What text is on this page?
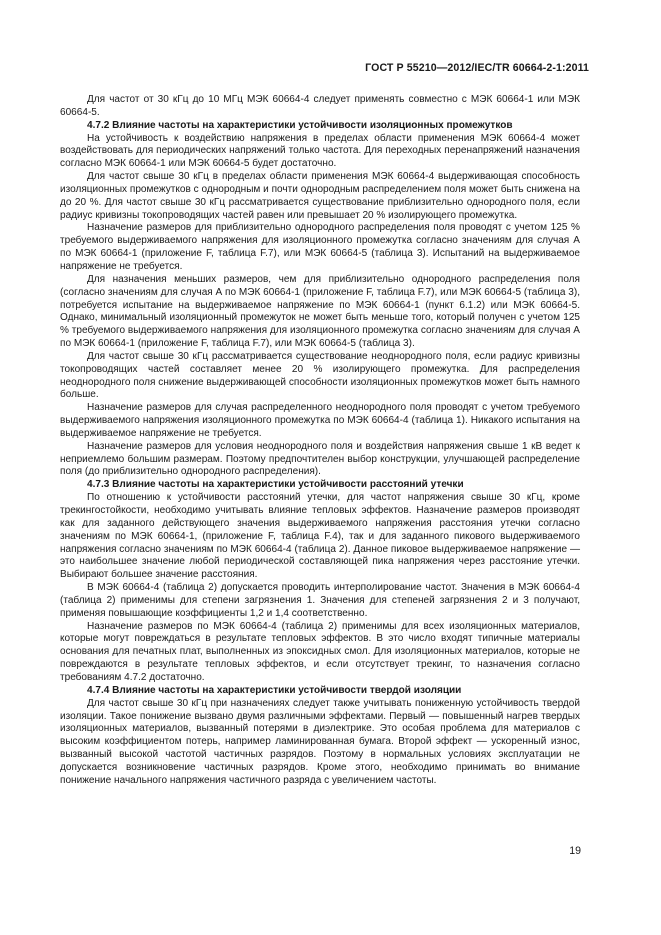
ГОСТ Р 55210—2012/IEC/TR 60664-2-1:2011

Для частот от 30 кГц до 10 МГц МЭК 60664-4 следует применять совместно с МЭК 60664-1 или МЭК 60664-5.

4.7.2 Влияние частоты на характеристики устойчивости изоляционных промежутков

На устойчивость к воздействию напряжения в пределах области применения МЭК 60664-4 может воздействовать для периодических напряжений только частота. Для переходных перенапряжений назначения согласно МЭК 60664-1 или МЭК 60664-5 будет достаточно.

Для частот свыше 30 кГц в пределах области применения МЭК 60664-4 выдерживающая способность изоляционных промежутков с однородным и почти однородным распределением поля может быть снижена на до 20 %. Для частот свыше 30 кГц рассматривается существование приблизительно однородного поля, если радиус кривизны токопроводящих частей равен или превышает 20 % изолирующего промежутка.

Назначение размеров для приблизительно однородного распределения поля проводят с учетом 125 % требуемого выдерживаемого напряжения для изоляционного промежутка согласно значениям для случая А по МЭК 60664-1 (приложение F, таблица F.7), или МЭК 60664-5 (таблица 3). Испытаний на выдерживаемое напряжение не требуется.

Для назначения меньших размеров, чем для приблизительно однородного распределения поля (согласно значениям для случая А по МЭК 60664-1 (приложение F, таблица F.7), или МЭК 60664-5 (таблица 3), потребуется испытание на выдерживаемое напряжение по МЭК 60664-1 (пункт 6.1.2) или МЭК 60664-5. Однако, минимальный изоляционный промежуток не может быть меньше того, который получен с учетом 125 % требуемого выдерживаемого напряжения для изоляционного промежутка согласно значениям для случая А по МЭК 60664-1 (приложение F, таблица F.7), или МЭК 60664-5 (таблица 3).

Для частот свыше 30 кГц рассматривается существование неоднородного поля, если радиус кривизны токопроводящих частей составляет менее 20 % изолирующего промежутка. Для распределения неоднородного поля снижение выдерживающей способности изоляционных промежутков может быть намного больше.

Назначение размеров для случая распределенного неоднородного поля проводят с учетом требуемого выдерживаемого напряжения изоляционного промежутка по МЭК 60664-4 (таблица 1). Никакого испытания на выдерживаемое напряжение не требуется.

Назначение размеров для условия неоднородного поля и воздействия напряжения свыше 1 кВ ведет к неприемлемо большим размерам. Поэтому предпочтителен выбор конструкции, улучшающей распределение поля (до приблизительно однородного распределения).

4.7.3 Влияние частоты на характеристики устойчивости расстояний утечки

По отношению к устойчивости расстояний утечки, для частот напряжения свыше 30 кГц, кроме трекингостойкости, необходимо учитывать влияние тепловых эффектов. Назначение размеров производят как для заданного действующего значения выдерживаемого напряжения расстояния утечки согласно значениям по МЭК 60664-1, (приложение F, таблица F.4), так и для заданного пикового выдерживаемого напряжения согласно значениям по МЭК 60664-4 (таблица 2). Данное пиковое выдерживаемое напряжение — это наибольшее значение любой периодической составляющей пика напряжения через расстояние утечки. Выбирают большее значение расстояния.

В МЭК 60664-4 (таблица 2) допускается проводить интерполирование частот. Значения в МЭК 60664-4 (таблица 2) применимы для степени загрязнения 1. Значения для степеней загрязнения 2 и 3 получают, применяя повышающие коэффициенты 1,2 и 1,4 соответственно.

Назначение размеров по МЭК 60664-4 (таблица 2) применимы для всех изоляционных материалов, которые могут повреждаться в результате тепловых эффектов. В это число входят типичные материалы основания для печатных плат, выполненных из эпоксидных смол. Для изоляционных материалов, которые не повреждаются в результате тепловых эффектов, и если отсутствует трекинг, то назначения согласно требованиям 4.7.2 достаточно.

4.7.4 Влияние частоты на характеристики устойчивости твердой изоляции

Для частот свыше 30 кГц при назначениях следует также учитывать пониженную устойчивость твердой изоляции. Такое понижение вызвано двумя различными эффектами. Первый — повышенный нагрев твердых изоляционных материалов, вызванный потерями в диэлектрике. Это особая проблема для материалов с высоким коэффициентом потерь, например ламинированная бумага. Второй эффект — ускоренный износ, вызванный высокой частотой частичных разрядов. Поэтому в нормальных условиях эксплуатации не допускается возникновение частичных разрядов. Кроме этого, необходимо принимать во внимание понижение начального напряжения частичного разряда с увеличением частоты.

19
